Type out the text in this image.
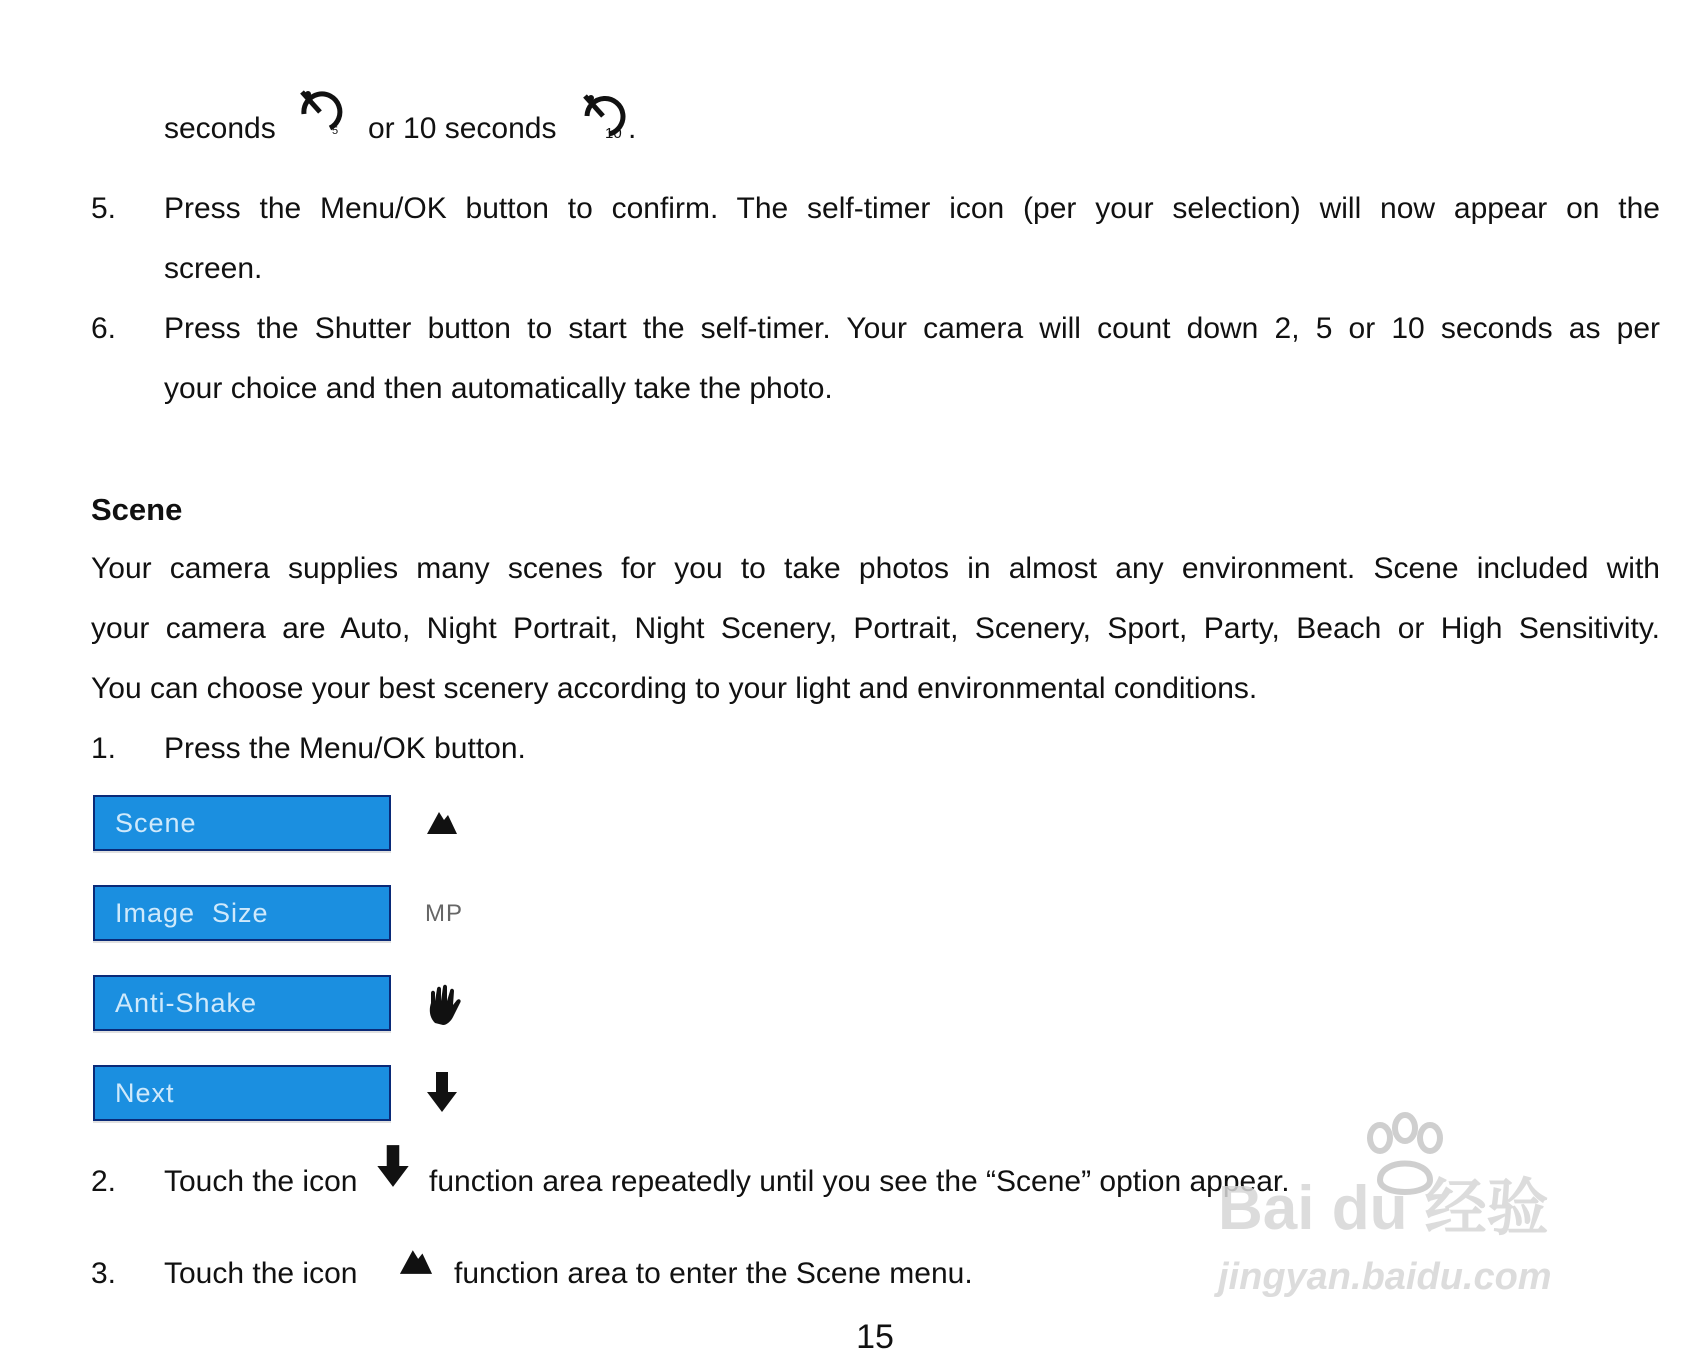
seconds	5 or 10 seconds	10 .
5. Press the Menu/OK button to confirm. The self-timer icon (per your selection) will now appear on the
screen.
6. Press the Shutter button to start the self-timer. Your camera will count down 2, 5 or 10 seconds as per
your choice and then automatically take the photo.
Scene
Your camera supplies many scenes for you to take photos in almost any environment. Scene included with
your camera are Auto, Night Portrait, Night Scenery, Portrait, Scenery, Sport, Party, Beach or High Sensitivity.
You can choose your best scenery according to your light and environmental conditions.
1. Press the Menu/OK button.
Scene
Image  Size	MP
Anti-Shake
Next
2. Touch the icon function area repeatedly until you see the “Scene” option appear.
3. Touch the icon	function area to enter the Scene menu.
15
Bai du 经验
jingyan.baidu.com
